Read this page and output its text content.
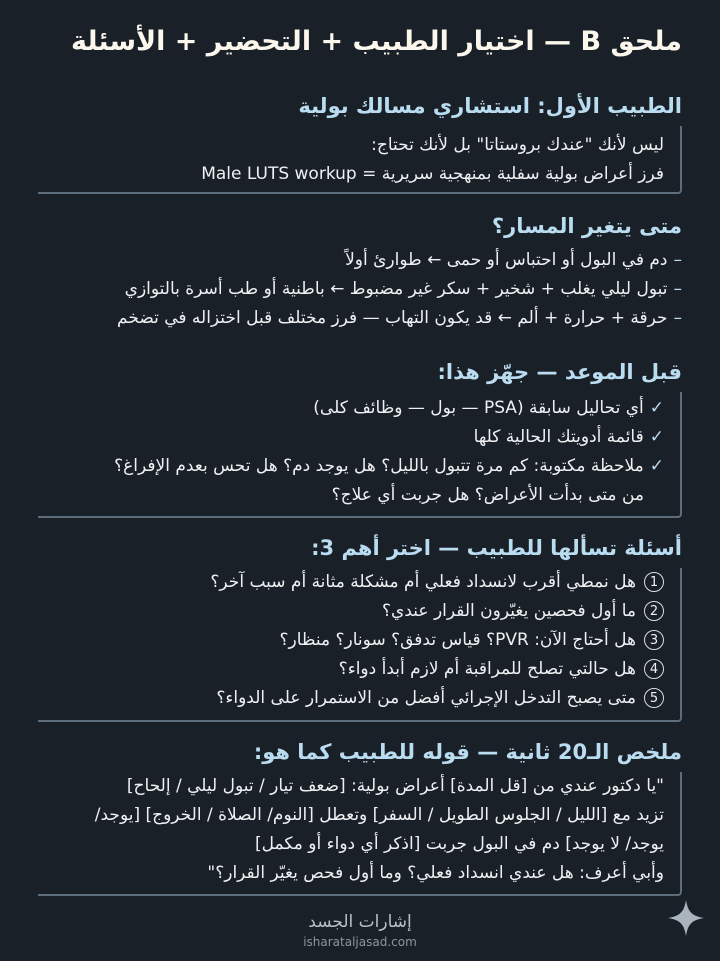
ملحق B — اختيار الطبيب + التحضير + الأسئلة
الطبيب الأول: استشاري مسالك بولية
ليس لأنك "عندك بروستاتا" بل لأنك تحتاج:
فرز أعراض بولية سفلية بمنهجية سريرية = Male LUTS workup
متى يتغير المسار؟
–دم في البول أو احتباس أو حمى ← طوارئ أولاً
–تبول ليلي يغلب + شخير + سكر غير مضبوط ← باطنية أو طب أسرة بالتوازي
–حرقة + حرارة + ألم ← قد يكون التهاب — فرز مختلف قبل اختزاله في تضخم
قبل الموعد — جهّز هذا:
✓أي تحاليل سابقة (PSA — بول — وظائف كلى)
✓قائمة أدويتك الحالية كلها
✓ملاحظة مكتوبة: كم مرة تتبول بالليل؟ هل يوجد دم؟ هل تحس بعدم الإفراغ؟
من متى بدأت الأعراض؟ هل جربت أي علاج؟
أسئلة تسألها للطبيب — اختر أهم 3:
1هل نمطي أقرب لانسداد فعلي أم مشكلة مثانة أم سبب آخر؟
2ما أول فحصين يغيّرون القرار عندي؟
3هل أحتاج الآن: PVR؟ قياس تدفق؟ سونار؟ منظار؟
4هل حالتي تصلح للمراقبة أم لازم أبدأ دواء؟
5متى يصبح التدخل الإجرائي أفضل من الاستمرار على الدواء؟
ملخص الـ20 ثانية — قوله للطبيب كما هو:
"يا دكتور عندي من [قل المدة] أعراض بولية: [ضعف تيار / تبول ليلي / إلحاح]
تزيد مع [الليل / الجلوس الطويل / السفر] وتعطل [النوم/ الصلاة / الخروج] [يوجد/
يوجد/ لا يوجد] دم في البول جربت [اذكر أي دواء أو مكمل]
وأبي أعرف: هل عندي انسداد فعلي؟ وما أول فحص يغيّر القرار؟"
إشارات الجسد
isharataljasad.com
